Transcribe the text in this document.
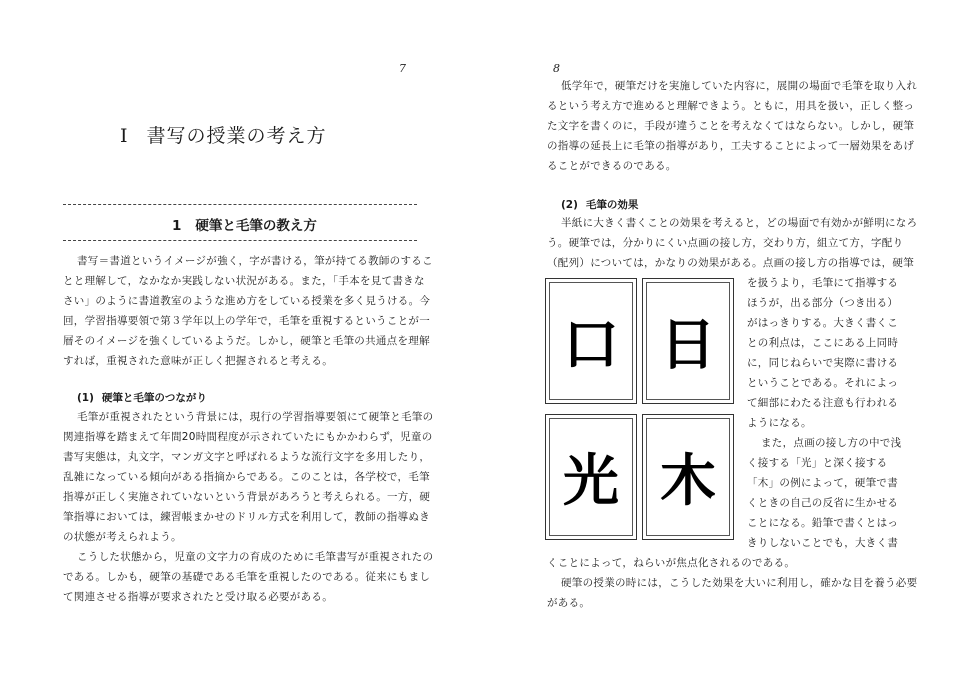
7
Ⅰ 書写の授業の考え方
1 硬筆と毛筆の教え方
書写＝書道というイメージが強く，字が書ける，筆が持てる教師のするこ
とと理解して，なかなか実践しない状況がある。また，「手本を見て書きな
さい」のように書道教室のような進め方をしている授業を多く見うける。今
回，学習指導要領で第３学年以上の学年で，毛筆を重視するということが一
層そのイメージを強くしているようだ。しかし，硬筆と毛筆の共通点を理解
すれば，重視された意味が正しく把握されると考える。
(1) 硬筆と毛筆のつながり
毛筆が重視されたという背景には，現行の学習指導要領にて硬筆と毛筆の
関連指導を踏まえて年間20時間程度が示されていたにもかかわらず，児童の
書写実態は，丸文字，マンガ文字と呼ばれるような流行文字を多用したり，
乱雑になっている傾向がある指摘からである。このことは，各学校で，毛筆
指導が正しく実施されていないという背景があろうと考えられる。一方，硬
筆指導においては，練習帳まかせのドリル方式を利用して，教師の指導ぬき
の状態が考えられよう。
こうした状態から，児童の文字力の育成のために毛筆書写が重視されたの
である。しかも，硬筆の基礎である毛筆を重視したのである。従来にもまし
て関連させる指導が要求されたと受け取る必要がある。
8
低学年で，硬筆だけを実施していた内容に，展開の場面で毛筆を取り入れ
るという考え方で進めると理解できよう。ともに，用具を扱い，正しく整っ
た文字を書くのに，手段が違うことを考えなくてはならない。しかし，硬筆
の指導の延長上に毛筆の指導があり，工夫することによって一層効果をあげ
ることができるのである。
(2) 毛筆の効果
半紙に大きく書くことの効果を考えると，どの場面で有効かが鮮明になろ
う。硬筆では，分かりにくい点画の接し方，交わり方，組立て方，字配り
（配列）については，かなりの効果がある。点画の接し方の指導では，硬筆
を扱うより，毛筆にて指導する
ほうが，出る部分（つき出る）
がはっきりする。大きく書くこ
との利点は，ここにある上同時
に，同じねらいで実際に書ける
ということである。それによっ
て細部にわたる注意も行われる
ようになる。
また，点画の接し方の中で浅
く接する「光」と深く接する
「木」の例によって，硬筆で書
くときの自己の反省に生かせる
ことになる。鉛筆で書くとはっ
きりしないことでも，大きく書
くことによって，ねらいが焦点化されるのである。
硬筆の授業の時には，こうした効果を大いに利用し，確かな目を養う必要
がある。
口 日
光 木
